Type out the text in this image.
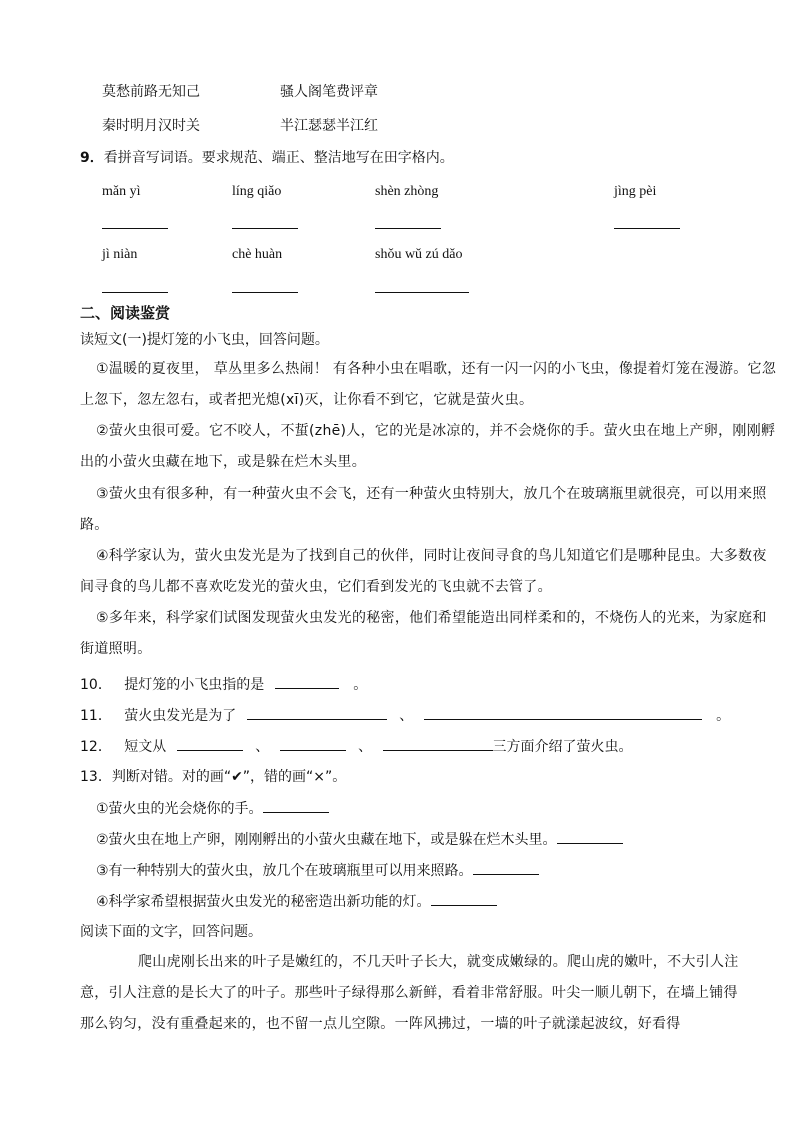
莫愁前路无知己	骚人阁笔费评章
秦时明月汉时关	半江瑟瑟半江红
9．看拼音写词语。要求规范、端正、整洁地写在田字格内。
mǎn yì	líng qiǎo	shèn zhòng	jìng pèi
jì niàn	chè huàn	shǒu wǔ zú dǎo
二、阅读鉴赏
读短文(一)提灯笼的小飞虫，回答问题。
①温暖的夏夜里， 草丛里多么热闹！ 有各种小虫在唱歌，还有一闪一闪的小飞虫，像提着灯笼在漫游。它忽上忽下，忽左忽右，或者把光熄(xī)灭，让你看不到它，它就是萤火虫。
②萤火虫很可爱。它不咬人，不蜇(zhē)人，它的光是冰凉的，并不会烧你的手。萤火虫在地上产卵，刚刚孵出的小萤火虫藏在地下，或是躲在烂木头里。
③萤火虫有很多种，有一种萤火虫不会飞，还有一种萤火虫特别大，放几个在玻璃瓶里就很亮，可以用来照路。
④科学家认为，萤火虫发光是为了找到自己的伙伴，同时让夜间寻食的鸟儿知道它们是哪种昆虫。大多数夜间寻食的鸟儿都不喜欢吃发光的萤火虫，它们看到发光的飞虫就不去管了。
⑤多年来，科学家们试图发现萤火虫发光的秘密，他们希望能造出同样柔和的，不烧伤人的光来，为家庭和街道照明。
10． 提灯笼的小飞虫指的是	。
11． 萤火虫发光是为了	、	。
12． 短文从	、	、	三方面介绍了萤火虫。
13．判断对错。对的画“✔”，错的画“×”。
①萤火虫的光会烧你的手。
②萤火虫在地上产卵，刚刚孵出的小萤火虫藏在地下，或是躲在烂木头里。
③有一种特别大的萤火虫，放几个在玻璃瓶里可以用来照路。
④科学家希望根据萤火虫发光的秘密造出新功能的灯。
阅读下面的文字，回答问题。
爬山虎刚长出来的叶子是嫩红的，不几天叶子长大，就变成嫩绿的。爬山虎的嫩叶，不大引人注意，引人注意的是长大了的叶子。那些叶子绿得那么新鲜，看着非常舒服。叶尖一顺儿朝下，在墙上铺得那么钧匀，没有重叠起来的，也不留一点儿空隙。一阵风拂过，一墙的叶子就漾起波纹，好看得
